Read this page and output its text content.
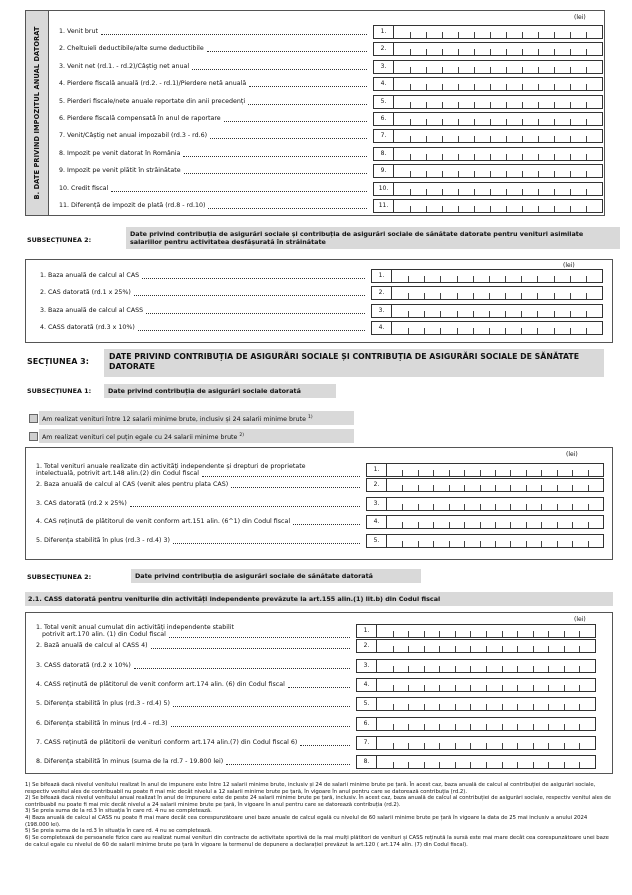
B. DATE PRIVIND IMPOZITUL ANUAL DATORAT
(lei)
1. Venit brut	1.
2. Cheltuieli deductibile/alte sume deductibile	2.
3. Venit net (rd.1. - rd.2)/Câștig net anual	3.
4. Pierdere fiscală anuală (rd.2. - rd.1)/Pierdere netă anuală	4.
5. Pierderi fiscale/nete anuale reportate din anii precedenți	5.
6. Pierdere fiscală compensată în anul de raportare	6.
7. Venit/Câștig net anual impozabil (rd.3 - rd.6)	7.
8. Impozit pe venit datorat în România	8.
9. Impozit pe venit plătit în străinătate	9.
10. Credit fiscal	10.
11. Diferență de impozit de plată (rd.8 - rd.10)	11.
SUBSECȚIUNEA 2:
Date privind contribuția de asigurări sociale și contribuția de asigurări sociale de sănătate datorate pentru venituri asimilate salariilor pentru activitatea desfășurată în străinătate
(lei)
1. Baza anuală de calcul al CAS	1.
2. CAS datorată (rd.1 x 25%)	2.
3. Baza anuală de calcul al CASS	3.
4. CASS datorată (rd.3 x 10%)	4.
SECȚIUNEA 3:
DATE PRIVIND CONTRIBUȚIA DE ASIGURĂRI SOCIALE ȘI CONTRIBUȚIA DE ASIGURĂRI SOCIALE DE SĂNĂTATE DATORATE
SUBSECȚIUNEA 1:	Date privind contribuția de asigurări sociale datorată
Am realizat venituri între 12 salarii minime brute, inclusiv și 24 salarii minime brute $^{1)}$
Am realizat venituri cel puțin egale cu 24 salarii minime brute $^{2)}$
(lei)
1. Total venituri anuale realizate din activități independente și drepturi de proprietate
intelectuală, potrivit art.148 alin.(2) din Codul fiscal
1.
2. Baza anuală de calcul al CAS (venit ales pentru plata CAS)	2.
3. CAS datorată (rd.2 x 25%)	3.
4. CAS reținută de plătitorul de venit conform art.151 alin. (6^1) din Codul fiscal	4.
5. Diferența stabilită în plus (rd.3 - rd.4) 3)	5.
SUBSECȚIUNEA 2:	Date privind contribuția de asigurări sociale de sănătate datorată
2.1. CASS datorată pentru veniturile din activități independente prevăzute la art.155 alin.(1) lit.b) din Codul fiscal
(lei)
1. Total venit anual cumulat din activități independente stabilit
potrivit art.170 alin. (1) din Codul fiscal
1.
2. Bază anuală de calcul al CASS 4)	2.
3. CASS datorată (rd.2 x 10%)	3.
4. CASS reținută de plătitorul de venit conform art.174 alin. (6) din Codul fiscal	4.
5. Diferența stabilită în plus (rd.3 - rd.4) 5)	5.
6. Diferența stabilită în minus (rd.4 - rd.3)	6.
7. CASS reținută de plătitorii de venituri conform art.174 alin.(7) din Codul fiscal 6)	7.
8. Diferența stabilită în minus (suma de la rd.7 - 19.800 lei)	8.
1) Se bifează dacă nivelul venitului realizat în anul de impunere este între 12 salarii minime brute, inclusiv și 24 de salarii minime brute pe țară. În acest caz, baza anuală de calcul al contribuției de asigurări sociale, respectiv venitul ales de contribuabil nu poate fi mai mic decât nivelul a 12 salarii minime brute pe țară, în vigoare în anul pentru care se datorează contribuția (rd.2).
2) Se bifează dacă nivelul venitului anual realizat în anul de impunere este de peste 24 salarii minime brute pe țară, inclusiv. În acest caz, baza anuală de calcul al contribuției de asigurări sociale, respectiv venitul ales de contribuabil nu poate fi mai mic decât nivelul a 24 salarii minime brute pe țară, în vigoare în anul pentru care se datorează contribuția (rd.2).
3) Se preia suma de la rd.3 în situația în care rd. 4 nu se completează.
4) Baza anuală de calcul al CASS nu poate fi mai mare decât cea corespunzătoare unei baze anuale de calcul egală cu nivelul de 60 salarii minime brute pe țară în vigoare la data de 25 mai inclusiv a anului 2024 (198.000 lei).
5) Se preia suma de la rd.3 în situația în care rd. 4 nu se completează.
6) Se completează de persoanele fizice care au realizat numai venituri din contracte de activitate sportivă de la mai mulți plătitori de venituri și CASS reținută la sursă este mai mare decât cea corespunzătoare unei baze de calcul egale cu nivelul de 60 de salarii minime brute pe țară în vigoare la termenul de depunere a declarației prevăzut la art.120 ( art.174 alin. (7) din Codul fiscal).
